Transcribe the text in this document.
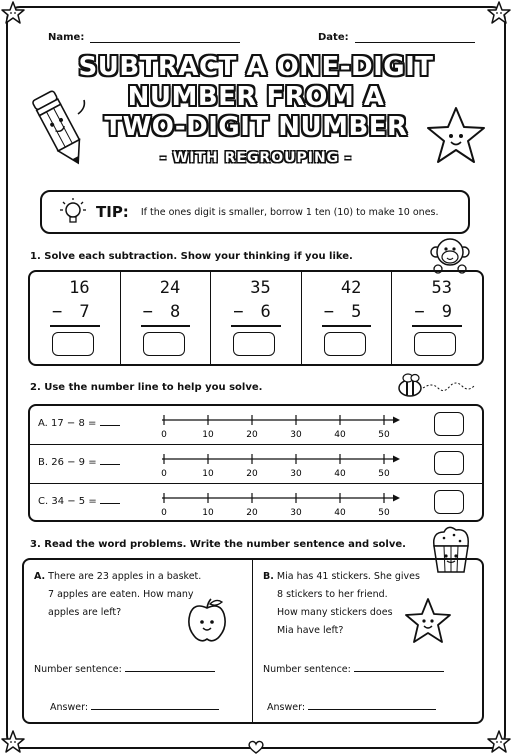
Name:	Date:
SUBTRACT A ONE-DIGIT
NUMBER FROM A
TWO-DIGIT NUMBER
- WITH REGROUPING -
TIP: If the ones digit is smaller, borrow 1 ten (10) to make 10 ones.
1. Solve each subtraction. Show your thinking if you like.
16
− 7
24
− 8
35
− 6
42
− 5
53
− 9
2. Use the number line to help you solve.
A. 17 − 8 =
0	10	20	30	40	50
B. 26 − 9 =
0	10	20	30	40	50
C. 34 − 5 =
0	10	20	30	40	50
3. Read the word problems. Write the number sentence and solve.
A. There are 23 apples in a basket.
7 apples are eaten. How many
apples are left?
Number sentence:
Answer:
B. Mia has 41 stickers. She gives
8 stickers to her friend.
How many stickers does
Mia have left?
Number sentence:
Answer:
